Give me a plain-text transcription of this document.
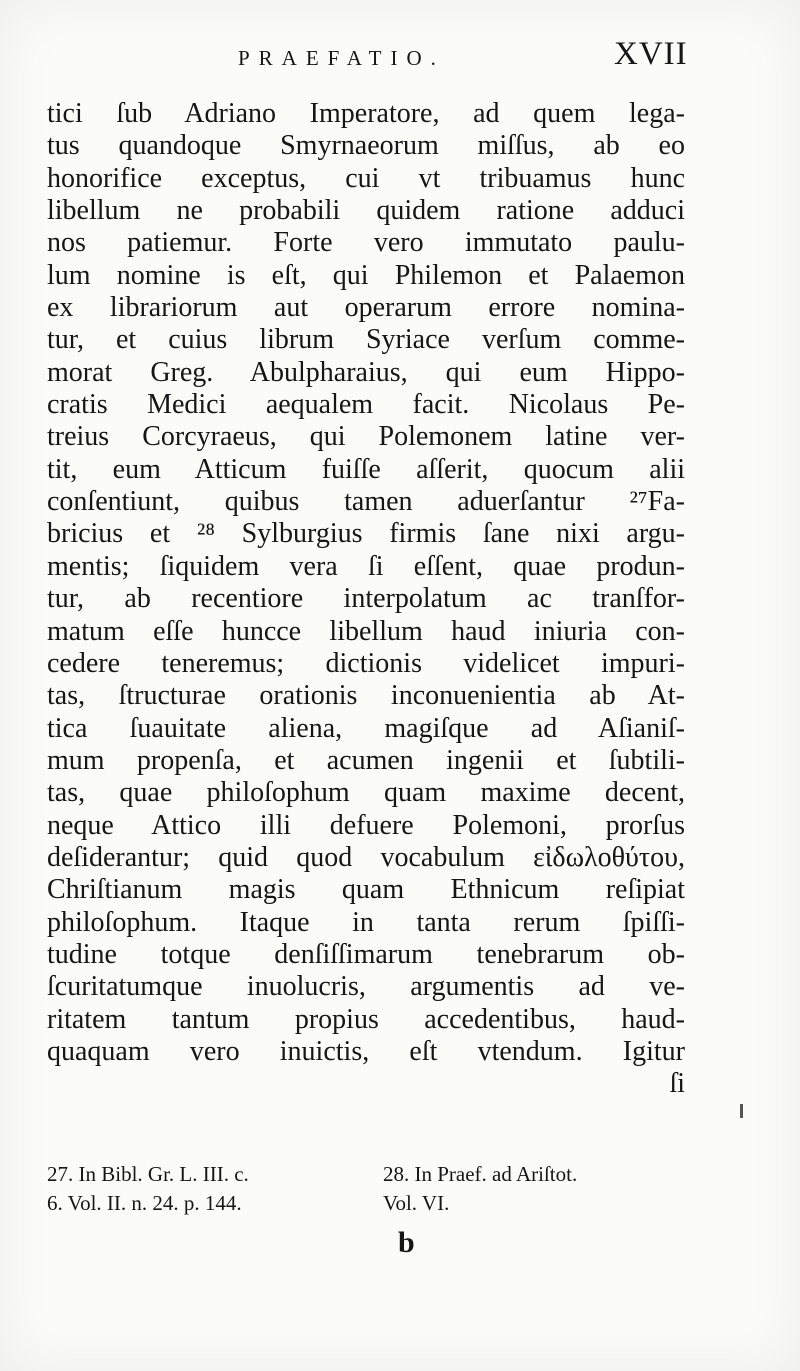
PRAEFATIO.	XVII
tici ſub Adriano Imperatore, ad quem lega-
tus quandoque Smyrnaeorum miſſus, ab eo
honorifice exceptus, cui vt tribuamus hunc
libellum ne probabili quidem ratione adduci
nos patiemur. Forte vero immutato paulu-
lum nomine is eſt, qui Philemon et Palaemon
ex librariorum aut operarum errore nomina-
tur, et cuius librum Syriace verſum comme-
morat Greg. Abulpharaius, qui eum Hippo-
cratis Medici aequalem facit. Nicolaus Pe-
treius Corcyraeus, qui Polemonem latine ver-
tit, eum Atticum fuiſſe aſſerit, quocum alii
conſentiunt, quibus tamen aduerſantur ²⁷Fa-
bricius et ²⁸ Sylburgius firmis ſane nixi argu-
mentis; ſiquidem vera ſi eſſent, quae produn-
tur, ab recentiore interpolatum ac tranſfor-
matum eſſe huncce libellum haud iniuria con-
cedere teneremus; dictionis videlicet impuri-
tas, ſtructurae orationis inconuenientia ab At-
tica ſuauitate aliena, magiſque ad Aſianiſ-
mum propenſa, et acumen ingenii et ſubtili-
tas, quae philoſophum quam maxime decent,
neque Attico illi defuere Polemoni, prorſus
deſiderantur; quid quod vocabulum εἰδωλοθύτου,
Chriſtianum magis quam Ethnicum reſipiat
philoſophum. Itaque in tanta rerum ſpiſſi-
tudine totque denſiſſimarum tenebrarum ob-
ſcuritatumque inuolucris, argumentis ad ve-
ritatem tantum propius accedentibus, haud-
quaquam vero inuictis, eſt vtendum. Igitur
ſi
27. In Bibl. Gr. L. III. c.
6. Vol. II. n. 24. p. 144.
28. In Praef. ad Ariſtot.
Vol. VI.
b
